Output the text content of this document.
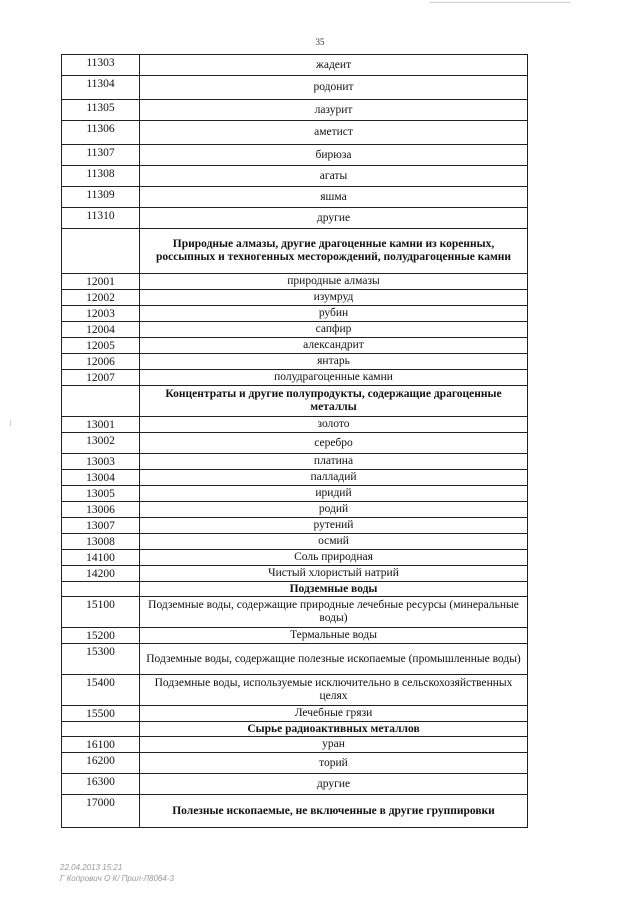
35
11303	жадеит
11304	родонит
11305	лазурит
11306	аметист
11307	бирюза
11308	агаты
11309	яшма
11310	другие
	Природные алмазы, другие драгоценные камни из коренных, россыпных и техногенных месторождений, полудрагоценные камни
12001	природные алмазы
12002	изумруд
12003	рубин
12004	сапфир
12005	александрит
12006	янтарь
12007	полудрагоценные камни
	Концентраты и другие полупродукты, содержащие драгоценные металлы
13001	золото
13002	серебро
13003	платина
13004	палладий
13005	иридий
13006	родий
13007	рутений
13008	осмий
14100	Соль природная
14200	Чистый хлористый натрий
	Подземные воды
15100	Подземные воды, содержащие природные лечебные ресурсы (минеральные воды)
15200	Термальные воды
15300	Подземные воды, содержащие полезные ископаемые (промышленные воды)
15400	Подземные воды, используемые исключительно в сельскохозяйственных целях
15500	Лечебные грязи
	Сырье радиоактивных металлов
16100	уран
16200	торий
16300	другие
17000	Полезные ископаемые, не включенные в другие группировки
22.04.2013 15:21
Г Копрович О К/ Прил-Л8064-3
